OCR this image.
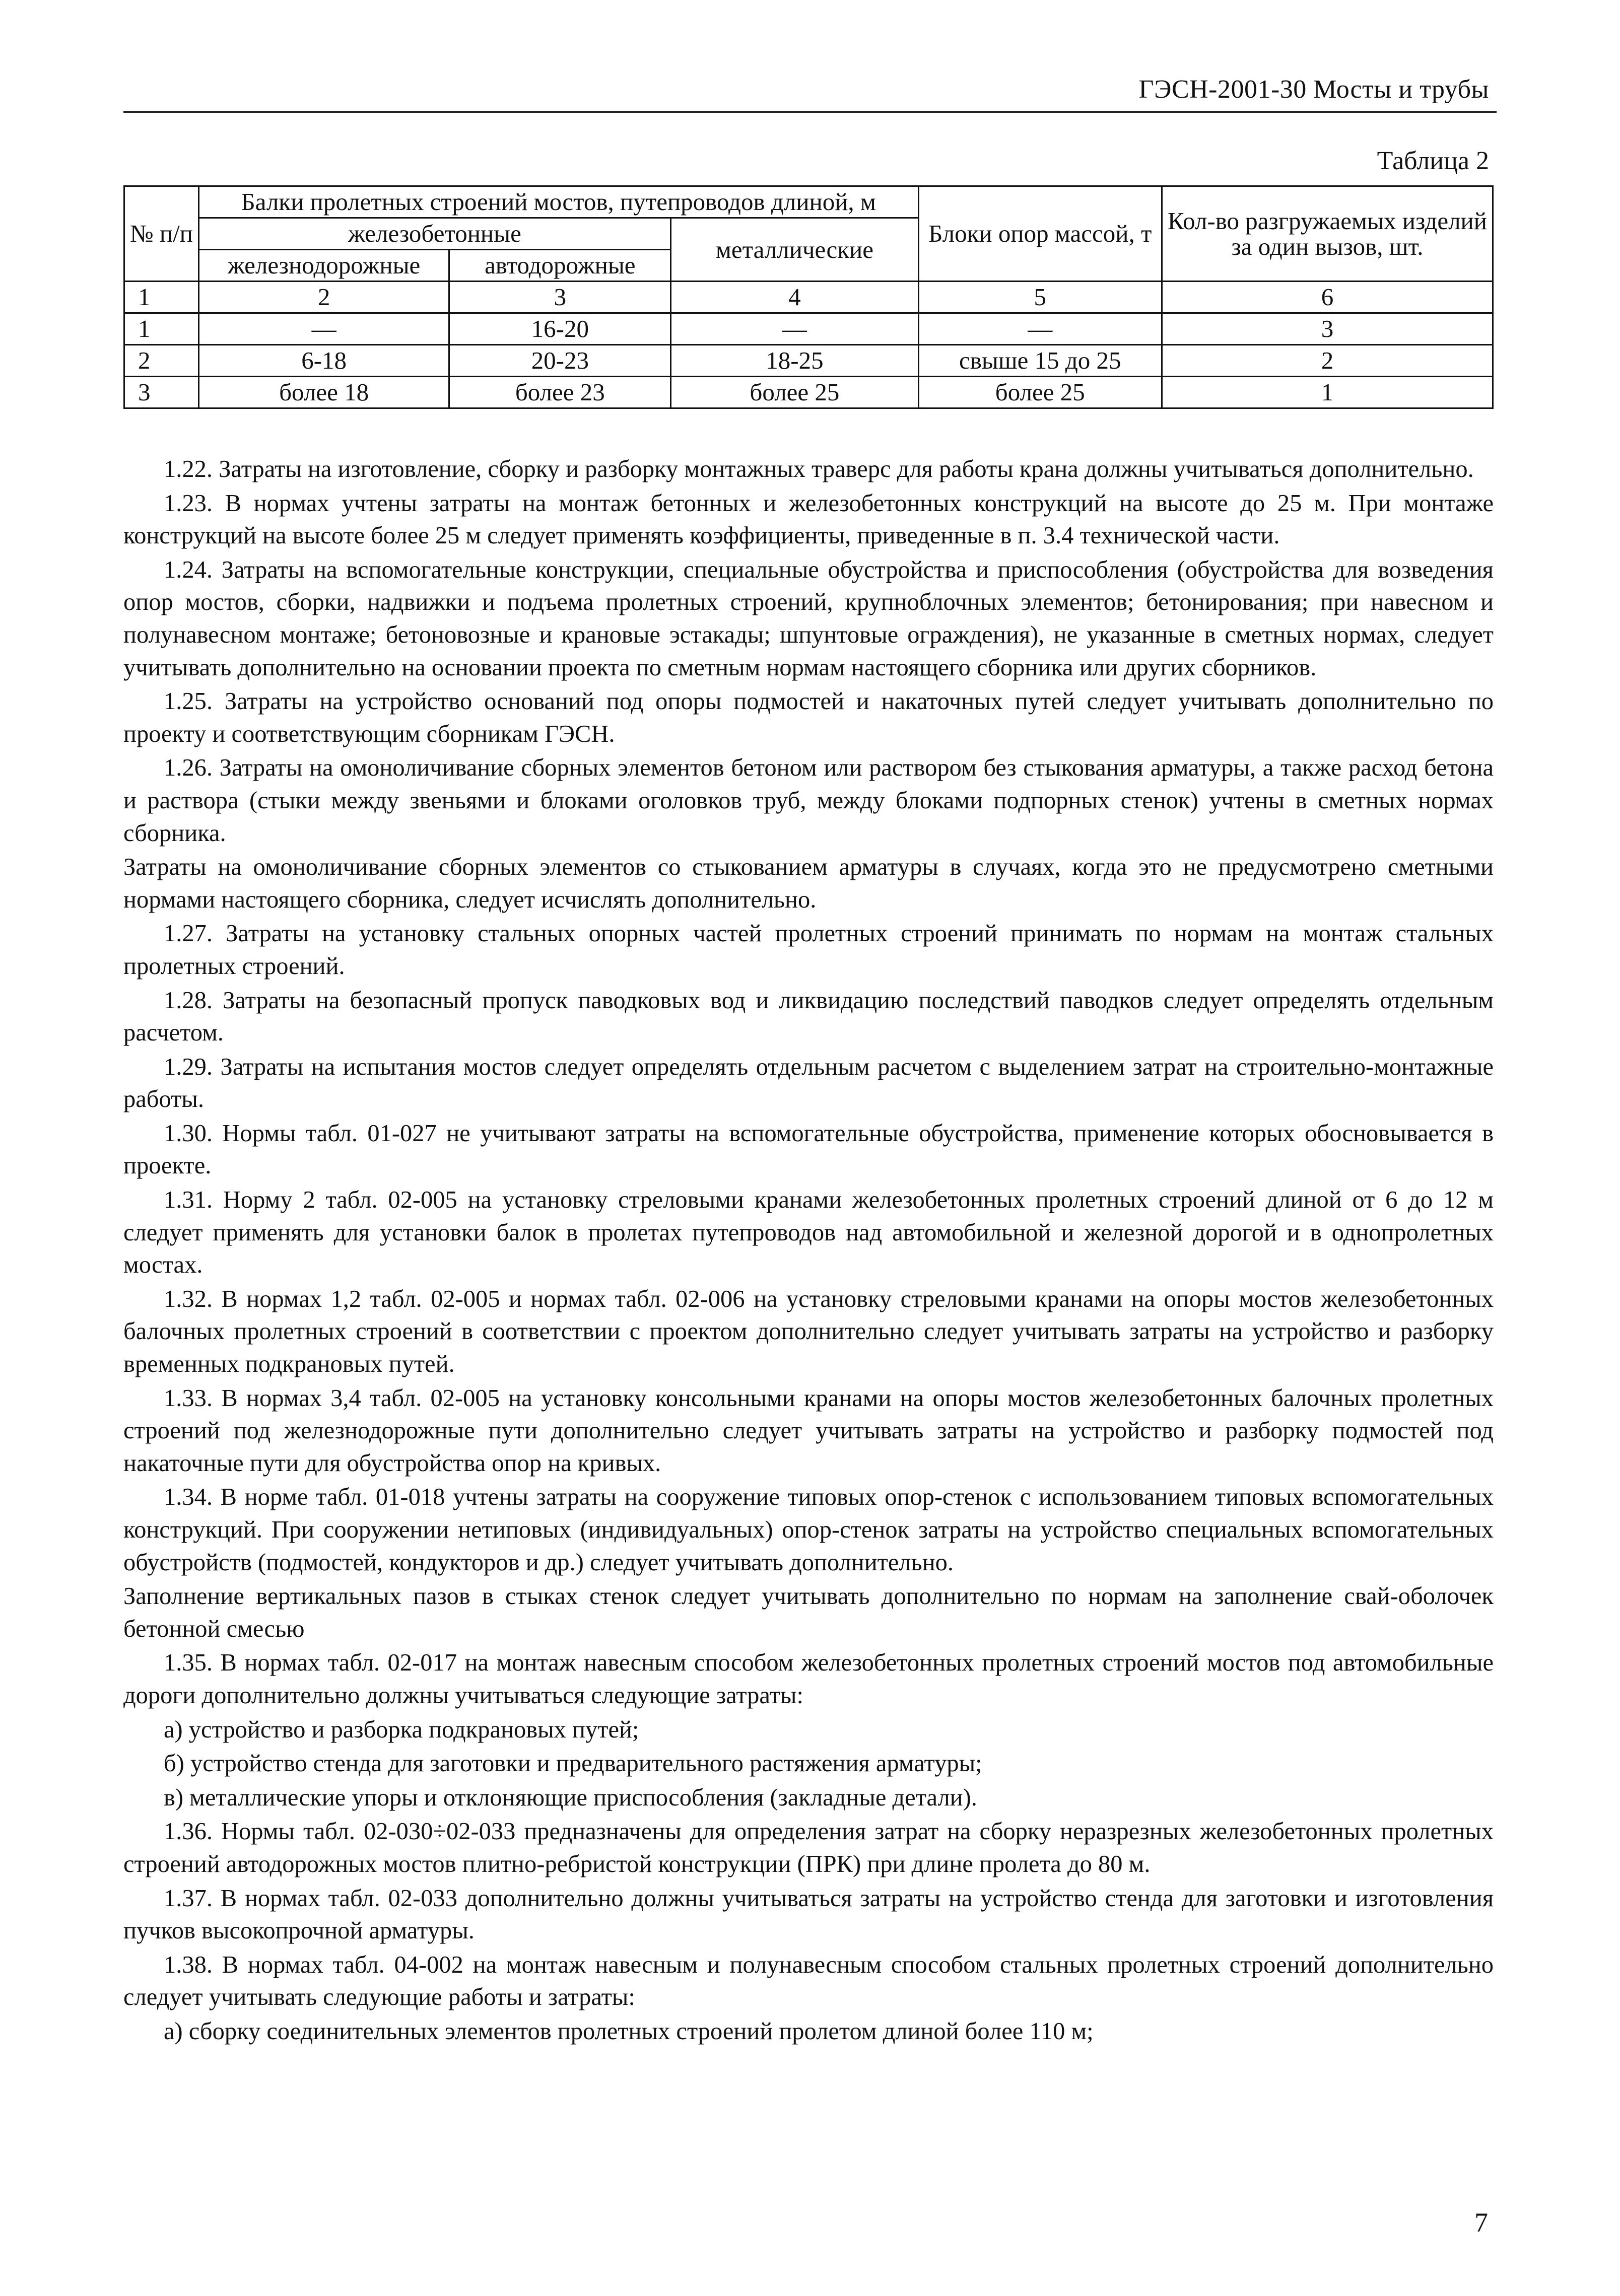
ГЭСН-2001-30 Мосты и трубы
Таблица 2
№ п/п	Балки пролетных строений мостов, путепроводов длиной, м			Блоки опор массой, т	Кол-во разгружаемых изделий за один вызов, шт.
	железобетонные		металлические		
	железнодорожные	автодорожные			
1	2	3	4	5	6
1	—	16-20	—	—	3
2	6-18	20-23	18-25	свыше 15 до 25	2
3	более 18	более 23	более 25	более 25	1

1.22. Затраты на изготовление, сборку и разборку монтажных траверс для работы крана должны учитываться дополнительно.

1.23. В нормах учтены затраты на монтаж бетонных и железобетонных конструкций на высоте до 25 м. При монтаже конструкций на высоте более 25 м следует применять коэффициенты, приведенные в п. 3.4 технической части.

1.24. Затраты на вспомогательные конструкции, специальные обустройства и приспособления (обустройства для возведения опор мостов, сборки, надвижки и подъема пролетных строений, крупноблочных элементов; бетонирования; при навесном и полунавесном монтаже; бетоновозные и крановые эстакады; шпунтовые ограждения), не указанные в сметных нормах, следует учитывать дополнительно на основании проекта по сметным нормам настоящего сборника или других сборников.

1.25. Затраты на устройство оснований под опоры подмостей и накаточных путей следует учитывать дополнительно по проекту и соответствующим сборникам ГЭСН.

1.26. Затраты на омоноличивание сборных элементов бетоном или раствором без стыкования арматуры, а также расход бетона и раствора (стыки между звеньями и блоками оголовков труб, между блоками подпорных стенок) учтены в сметных нормах сборника.

Затраты на омоноличивание сборных элементов со стыкованием арматуры в случаях, когда это не предусмотрено сметными нормами настоящего сборника, следует исчислять дополнительно.

1.27. Затраты на установку стальных опорных частей пролетных строений принимать по нормам на монтаж стальных пролетных строений.

1.28. Затраты на безопасный пропуск паводковых вод и ликвидацию последствий паводков следует определять отдельным расчетом.

1.29. Затраты на испытания мостов следует определять отдельным расчетом с выделением затрат на строительно-монтажные работы.

1.30. Нормы табл. 01-027 не учитывают затраты на вспомогательные обустройства, применение которых обосновывается в проекте.

1.31. Норму 2 табл. 02-005 на установку стреловыми кранами железобетонных пролетных строений длиной от 6 до 12 м следует применять для установки балок в пролетах путепроводов над автомобильной и железной дорогой и в однопролетных мостах.

1.32. В нормах 1,2 табл. 02-005 и нормах табл. 02-006 на установку стреловыми кранами на опоры мостов железобетонных балочных пролетных строений в соответствии с проектом дополнительно следует учитывать затраты на устройство и разборку временных подкрановых путей.

1.33. В нормах 3,4 табл. 02-005 на установку консольными кранами на опоры мостов железобетонных балочных пролетных строений под железнодорожные пути дополнительно следует учитывать затраты на устройство и разборку подмостей под накаточные пути для обустройства опор на кривых.

1.34. В норме табл. 01-018 учтены затраты на сооружение типовых опор-стенок с использованием типовых вспомогательных конструкций. При сооружении нетиповых (индивидуальных) опор-стенок затраты на устройство специальных вспомогательных обустройств (подмостей, кондукторов и др.) следует учитывать дополнительно.

Заполнение вертикальных пазов в стыках стенок следует учитывать дополнительно по нормам на заполнение свай-оболочек бетонной смесью

1.35. В нормах табл. 02-017 на монтаж навесным способом железобетонных пролетных строений мостов под автомобильные дороги дополнительно должны учитываться следующие затраты:

а) устройство и разборка подкрановых путей;

б) устройство стенда для заготовки и предварительного растяжения арматуры;

в) металлические упоры и отклоняющие приспособления (закладные детали).

1.36. Нормы табл. 02-030÷02-033 предназначены для определения затрат на сборку неразрезных железобетонных пролетных строений автодорожных мостов плитно-ребристой конструкции (ПРК) при длине пролета до 80 м.

1.37. В нормах табл. 02-033 дополнительно должны учитываться затраты на устройство стенда для заготовки и изготовления пучков высокопрочной арматуры.

1.38. В нормах табл. 04-002 на монтаж навесным и полунавесным способом стальных пролетных строений дополнительно следует учитывать следующие работы и затраты:

а) сборку соединительных элементов пролетных строений пролетом длиной более 110 м;

7
